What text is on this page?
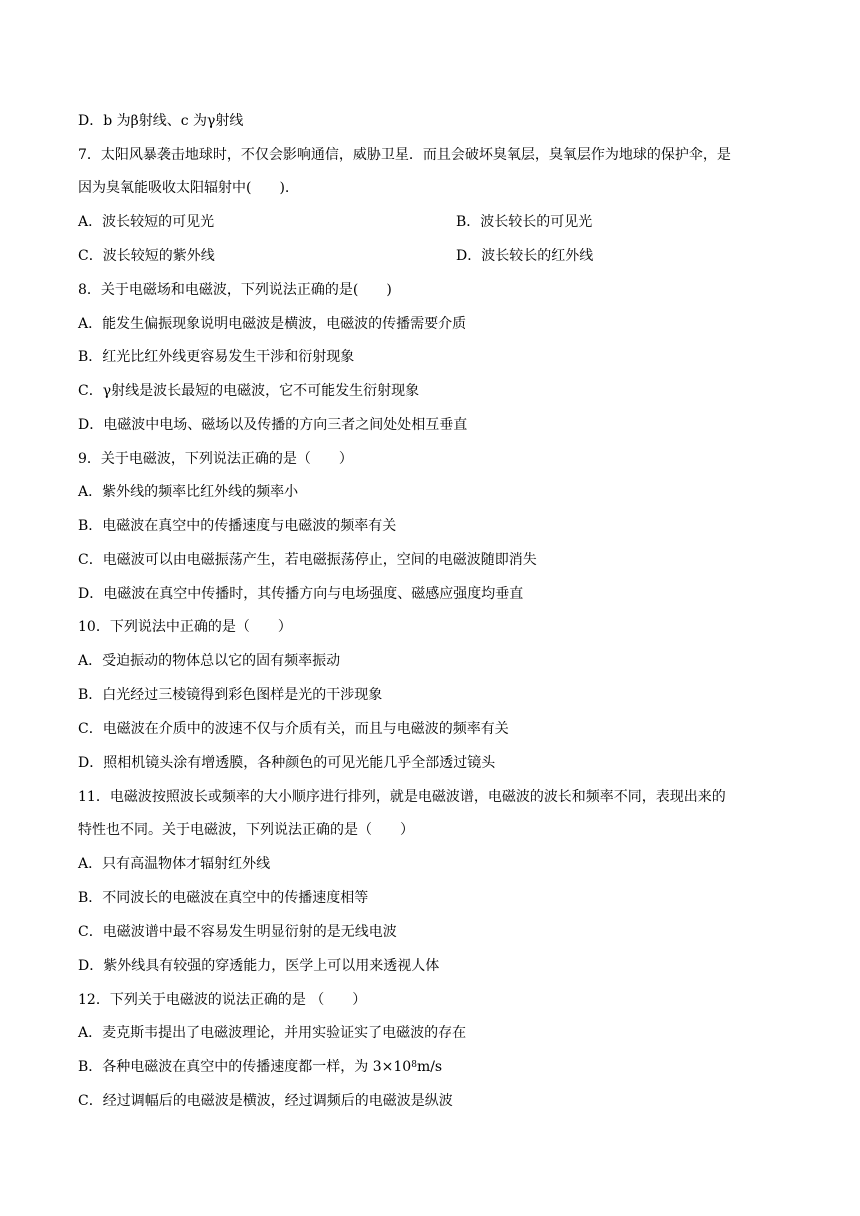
D．b 为β射线、c 为γ射线
7．太阳风暴袭击地球时，不仅会影响通信，威胁卫星．而且会破坏臭氧层，臭氧层作为地球的保护伞，是
因为臭氧能吸收太阳辐射中(　　).
A．波长较短的可见光	B．波长较长的可见光
C．波长较短的紫外线	D．波长较长的红外线
8．关于电磁场和电磁波，下列说法正确的是(　　)
A．能发生偏振现象说明电磁波是横波，电磁波的传播需要介质
B．红光比红外线更容易发生干涉和衍射现象
C．γ射线是波长最短的电磁波，它不可能发生衍射现象
D．电磁波中电场、磁场以及传播的方向三者之间处处相互垂直
9．关于电磁波，下列说法正确的是（　　）
A．紫外线的频率比红外线的频率小
B．电磁波在真空中的传播速度与电磁波的频率有关
C．电磁波可以由电磁振荡产生，若电磁振荡停止，空间的电磁波随即消失
D．电磁波在真空中传播时，其传播方向与电场强度、磁感应强度均垂直
10．下列说法中正确的是（　　）
A．受迫振动的物体总以它的固有频率振动
B．白光经过三棱镜得到彩色图样是光的干涉现象
C．电磁波在介质中的波速不仅与介质有关，而且与电磁波的频率有关
D．照相机镜头涂有增透膜，各种颜色的可见光能几乎全部透过镜头
11．电磁波按照波长或频率的大小顺序进行排列，就是电磁波谱，电磁波的波长和频率不同，表现出来的
特性也不同。关于电磁波，下列说法正确的是（　　）
A．只有高温物体才辐射红外线
B．不同波长的电磁波在真空中的传播速度相等
C．电磁波谱中最不容易发生明显衍射的是无线电波
D．紫外线具有较强的穿透能力，医学上可以用来透视人体
12．下列关于电磁波的说法正确的是 （　　）
A．麦克斯韦提出了电磁波理论，并用实验证实了电磁波的存在
B．各种电磁波在真空中的传播速度都一样，为 $3\times 10^8m/s$
C．经过调幅后的电磁波是横波，经过调频后的电磁波是纵波
